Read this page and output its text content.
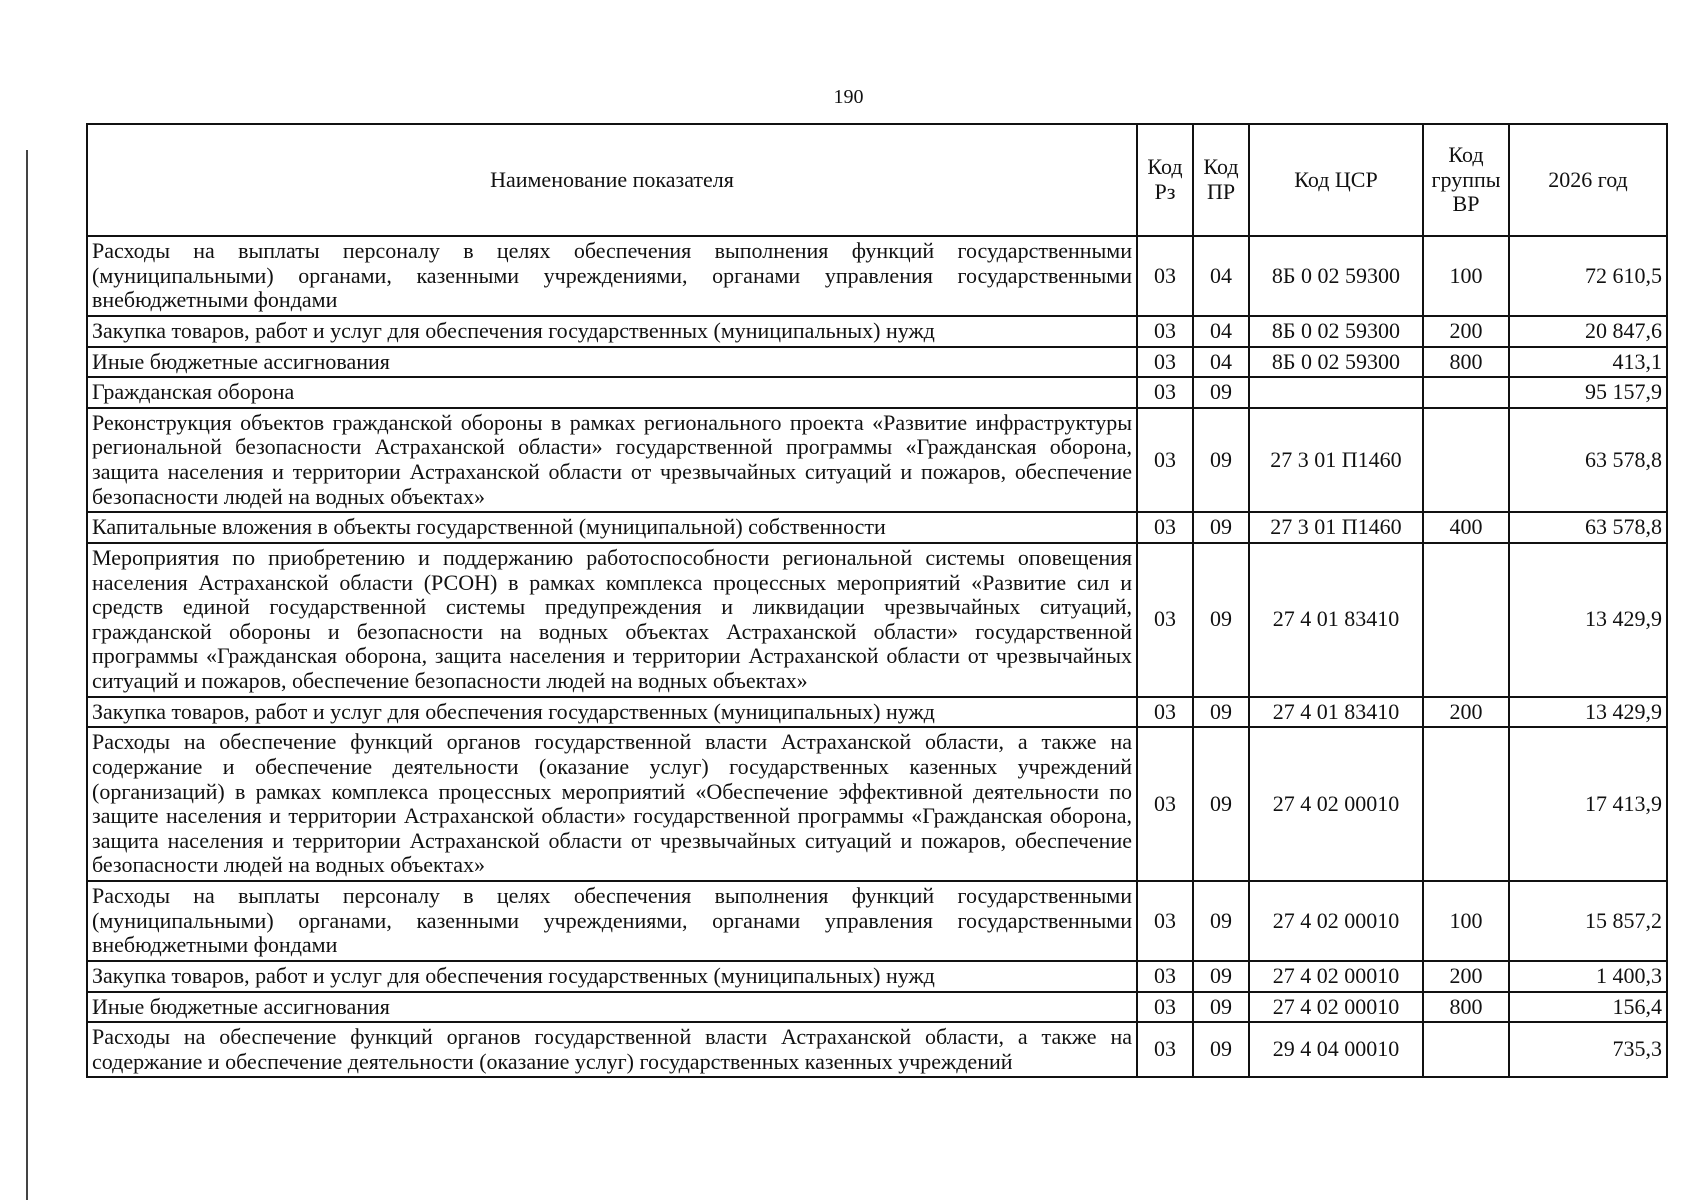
190
Наименование показателя	Код Рз	Код ПР	Код ЦСР	Код группы ВР	2026 год
Расходы на выплаты персоналу в целях обеспечения выполнения функций государственными (муниципальными) органами, казенными учреждениями, органами управления государственными внебюджетными фондами	03	04	8Б 0 02 59300	100	72 610,5
Закупка товаров, работ и услуг для обеспечения государственных (муниципальных) нужд	03	04	8Б 0 02 59300	200	20 847,6
Иные бюджетные ассигнования	03	04	8Б 0 02 59300	800	413,1
Гражданская оборона	03	09			95 157,9
Реконструкция объектов гражданской обороны в рамках регионального проекта «Развитие инфраструктуры региональной безопасности Астраханской области» государственной программы «Гражданская оборона, защита населения и территории Астраханской области от чрезвычайных ситуаций и пожаров, обеспечение безопасности людей на водных объектах»	03	09	27 3 01 П1460		63 578,8
Капитальные вложения в объекты государственной (муниципальной) собственности	03	09	27 3 01 П1460	400	63 578,8
Мероприятия по приобретению и поддержанию работоспособности региональной системы оповещения населения Астраханской области (РСОН) в рамках комплекса процессных мероприятий «Развитие сил и средств единой государственной системы предупреждения и ликвидации чрезвычайных ситуаций, гражданской обороны и безопасности на водных объектах Астраханской области» государственной программы «Гражданская оборона, защита населения и территории Астраханской области от чрезвычайных ситуаций и пожаров, обеспечение безопасности людей на водных объектах»	03	09	27 4 01 83410		13 429,9
Закупка товаров, работ и услуг для обеспечения государственных (муниципальных) нужд	03	09	27 4 01 83410	200	13 429,9
Расходы на обеспечение функций органов государственной власти Астраханской области, а также на содержание и обеспечение деятельности (оказание услуг) государственных казенных учреждений (организаций) в рамках комплекса процессных мероприятий «Обеспечение эффективной деятельности по защите населения и территории Астраханской области» государственной программы «Гражданская оборона, защита населения и территории Астраханской области от чрезвычайных ситуаций и пожаров, обеспечение безопасности людей на водных объектах»	03	09	27 4 02 00010		17 413,9
Расходы на выплаты персоналу в целях обеспечения выполнения функций государственными (муниципальными) органами, казенными учреждениями, органами управления государственными внебюджетными фондами	03	09	27 4 02 00010	100	15 857,2
Закупка товаров, работ и услуг для обеспечения государственных (муниципальных) нужд	03	09	27 4 02 00010	200	1 400,3
Иные бюджетные ассигнования	03	09	27 4 02 00010	800	156,4
Расходы на обеспечение функций органов государственной власти Астраханской области, а также на содержание и обеспечение деятельности (оказание услуг) государственных казенных учреждений	03	09	29 4 04 00010		735,3
